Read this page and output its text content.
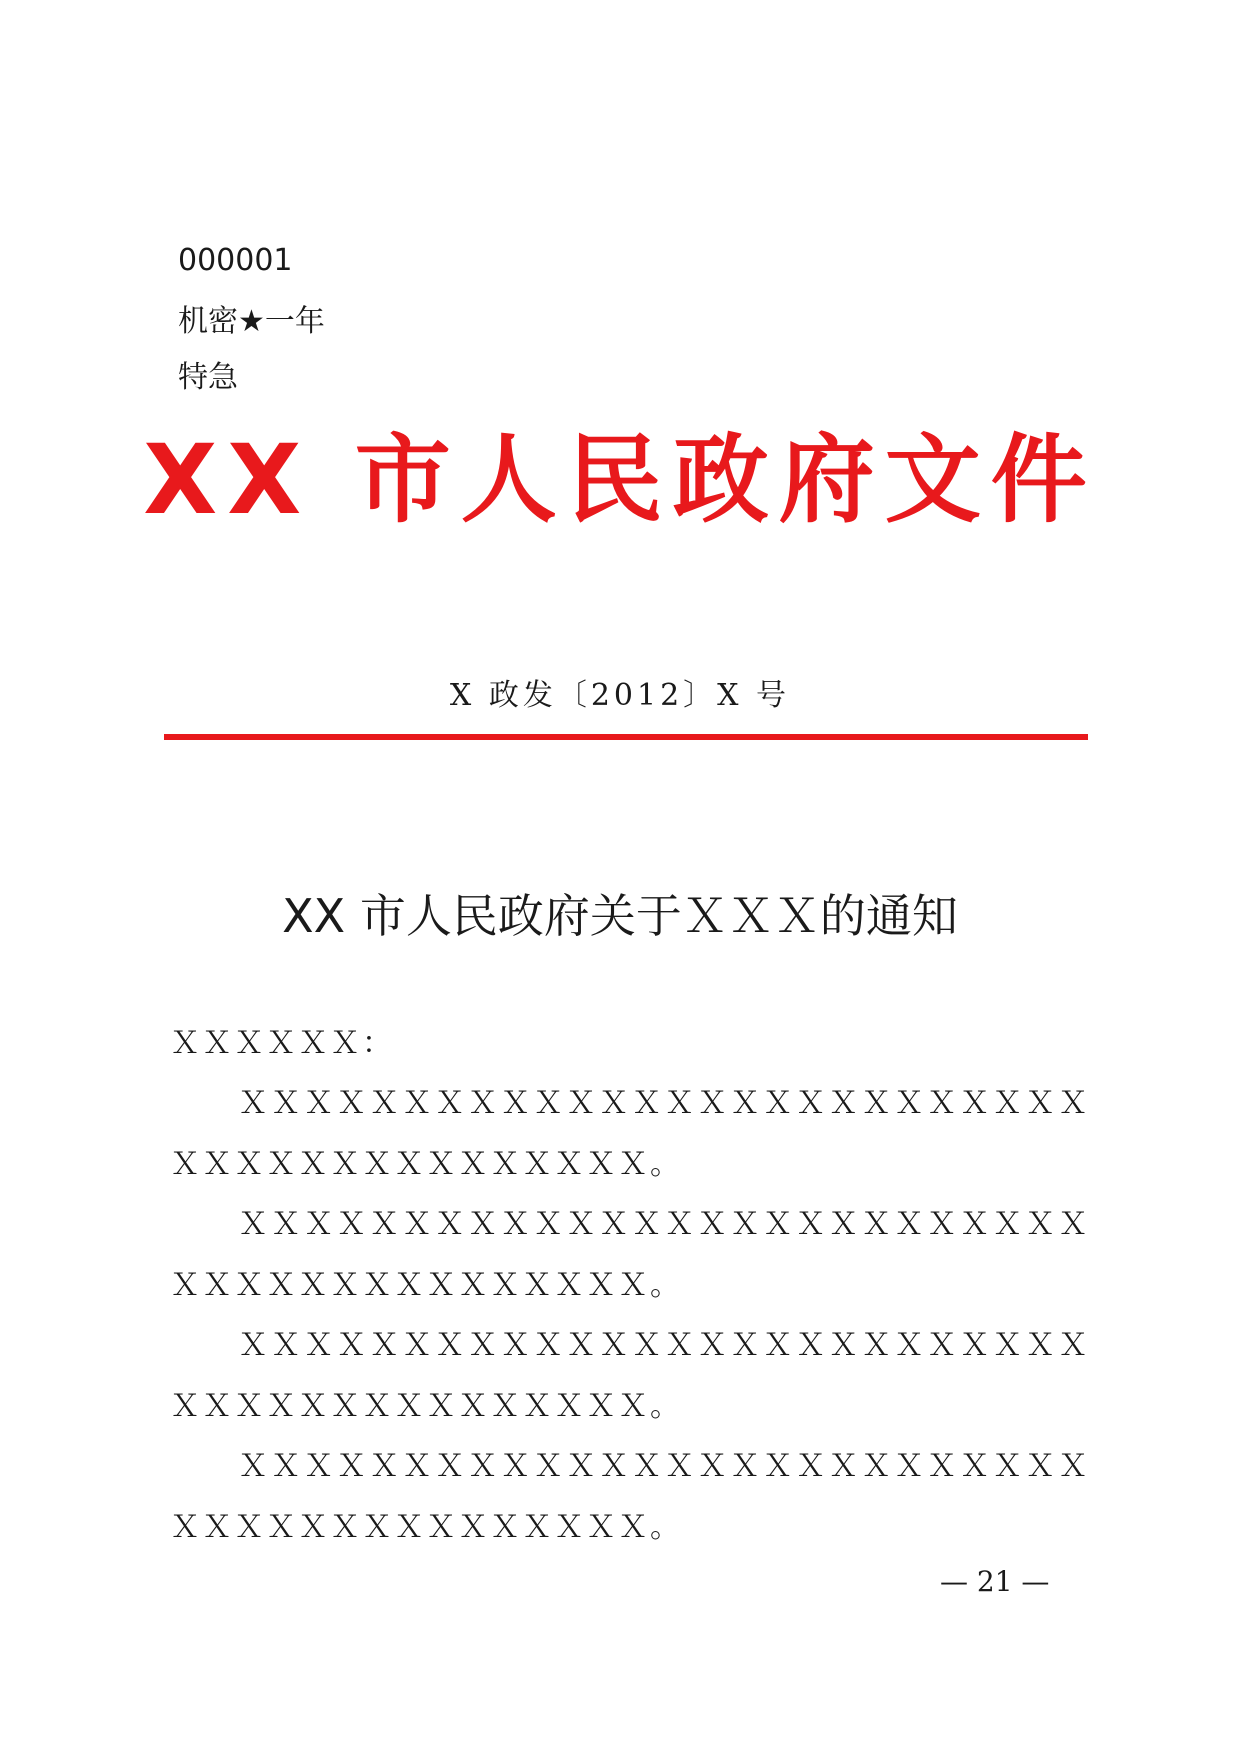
000001
机密★一年
特急
XX 市人民政府文件
X 政发〔2012〕X 号
XX 市人民政府关于ＸＸＸ的通知
ＸＸＸＸＸＸ：
ＸＸＸＸＸＸＸＸＸＸＸＸＸＸＸＸＸＸＸＸＸＸＸＸＸＸ
ＸＸＸＸＸＸＸＸＸＸＸＸＸＸＸ。
ＸＸＸＸＸＸＸＸＸＸＸＸＸＸＸＸＸＸＸＸＸＸＸＸＸＸ
ＸＸＸＸＸＸＸＸＸＸＸＸＸＸＸ。
ＸＸＸＸＸＸＸＸＸＸＸＸＸＸＸＸＸＸＸＸＸＸＸＸＸＸ
ＸＸＸＸＸＸＸＸＸＸＸＸＸＸＸ。
ＸＸＸＸＸＸＸＸＸＸＸＸＸＸＸＸＸＸＸＸＸＸＸＸＸＸ
ＸＸＸＸＸＸＸＸＸＸＸＸＸＸＸ。
— 21 —
